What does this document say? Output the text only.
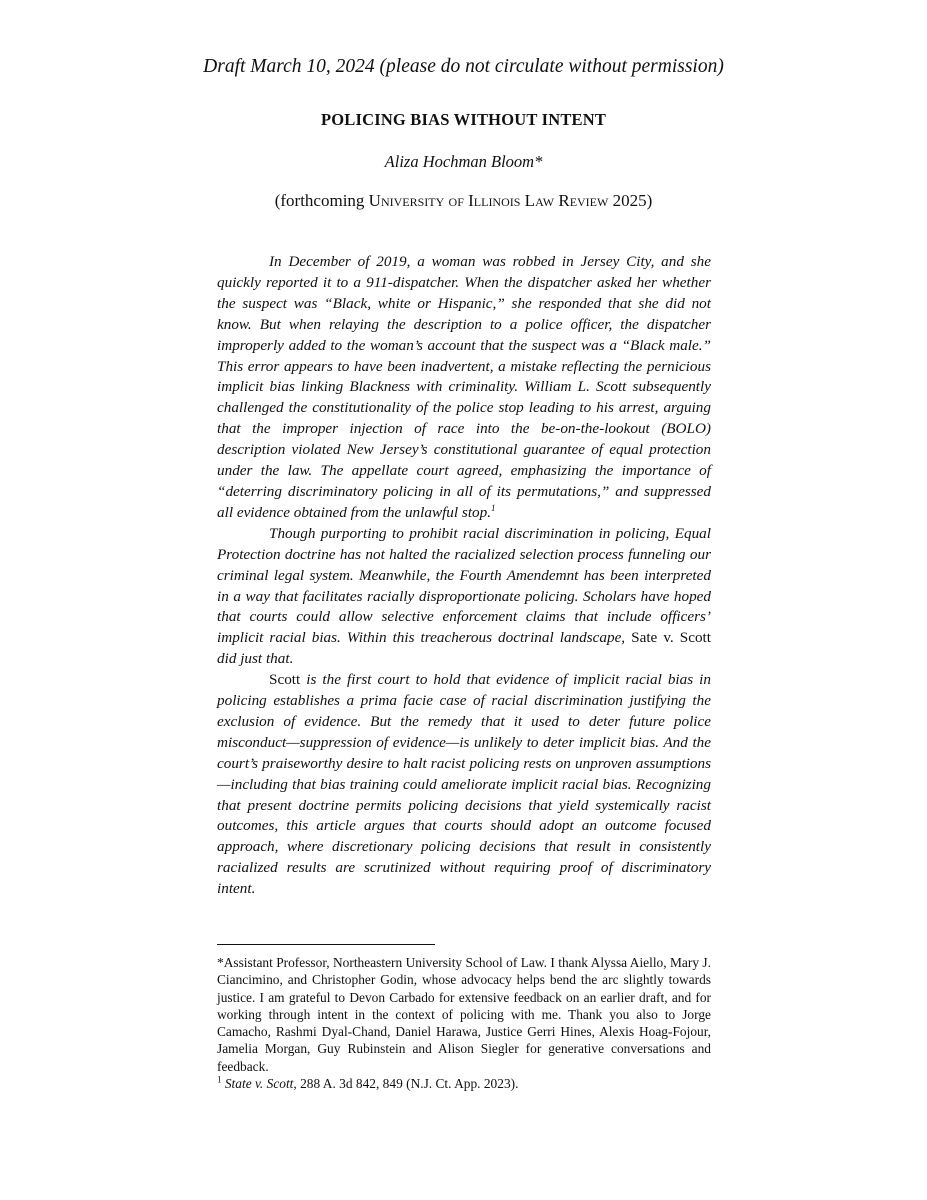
Draft March 10, 2024 (please do not circulate without permission)
POLICING BIAS WITHOUT INTENT
Aliza Hochman Bloom*
(forthcoming University of Illinois Law Review 2025)

In December of 2019, a woman was robbed in Jersey City, and she quickly reported it to a 911-dispatcher. When the dispatcher asked her whether the suspect was “Black, white or Hispanic,” she responded that she did not know. But when relaying the description to a police officer, the dispatcher improperly added to the woman’s account that the suspect was a “Black male.” This error appears to have been inadvertent, a mistake reflecting the pernicious implicit bias linking Blackness with criminality. William L. Scott subsequently challenged the constitutionality of the police stop leading to his arrest, arguing that the improper injection of race into the be-on-the-lookout (BOLO) description violated New Jersey’s constitutional guarantee of equal protection under the law. The appellate court agreed, emphasizing the importance of “deterring discriminatory policing in all of its permutations,” and suppressed all evidence obtained from the unlawful stop.$^1$

Though purporting to prohibit racial discrimination in policing, Equal Protection doctrine has not halted the racialized selection process funneling our criminal legal system. Meanwhile, the Fourth Amendemnt has been interpreted in a way that facilitates racially disproportionate policing. Scholars have hoped that courts could allow selective enforcement claims that include officers’ implicit racial bias. Within this treacherous doctrinal landscape, Sate v. Scott did just that.

Scott is the first court to hold that evidence of implicit racial bias in policing establishes a prima facie case of racial discrimination justifying the exclusion of evidence. But the remedy that it used to deter future police misconduct—suppression of evidence—is unlikely to deter implicit bias. And the court’s praiseworthy desire to halt racist policing rests on unproven assumptions—including that bias training could ameliorate implicit racial bias. Recognizing that present doctrine permits policing decisions that yield systemically racist outcomes, this article argues that courts should adopt an outcome focused approach, where discretionary policing decisions that result in consistently racialized results are scrutinized without requiring proof of discriminatory intent.

*Assistant Professor, Northeastern University School of Law. I thank Alyssa Aiello, Mary J. Ciancimino, and Christopher Godin, whose advocacy helps bend the arc slightly towards justice. I am grateful to Devon Carbado for extensive feedback on an earlier draft, and for working through intent in the context of policing with me. Thank you also to Jorge Camacho, Rashmi Dyal-Chand, Daniel Harawa, Justice Gerri Hines, Alexis Hoag-Fojour, Jamelia Morgan, Guy Rubinstein and Alison Siegler for generative conversations and feedback.

$^1$ State v. Scott, 288 A. 3d 842, 849 (N.J. Ct. App. 2023).
